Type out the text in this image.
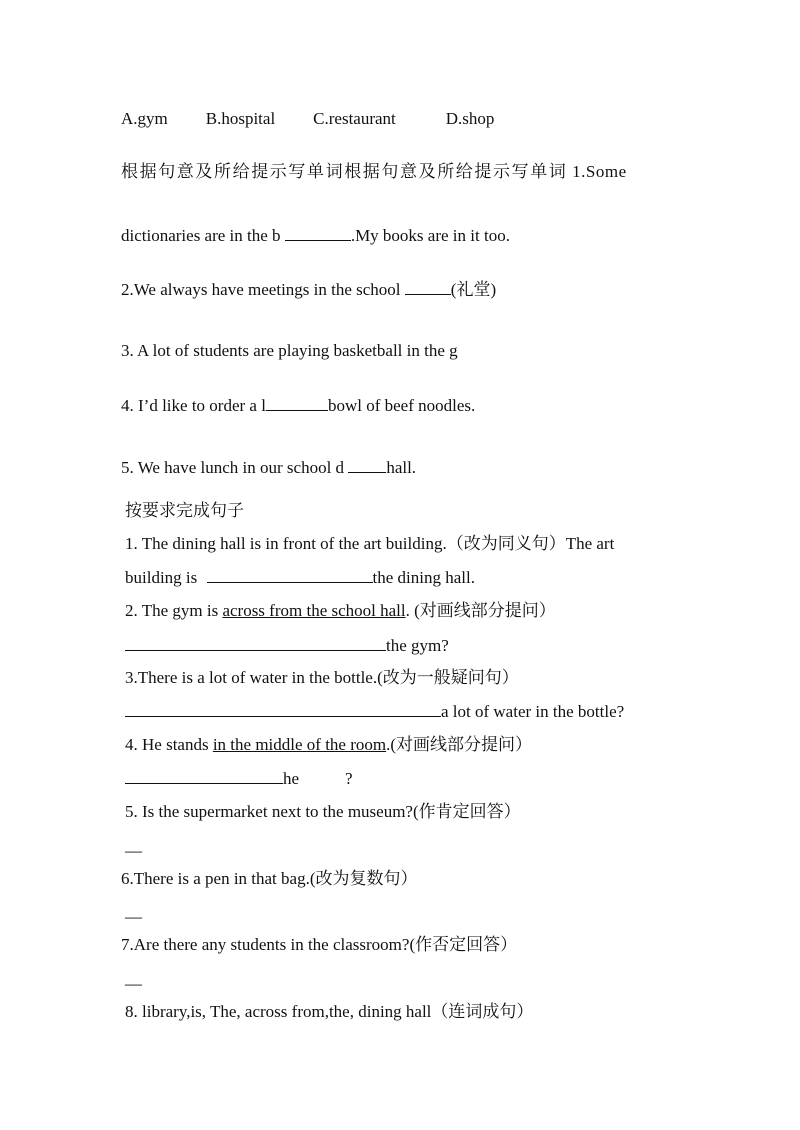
A.gym B.hospital C.restaurant	D.shop
根据句意及所给提示写单词根据句意及所给提示写单词 1.Some
dictionaries are in the b	.My books are in it too.
2.We always have meetings in the school	(礼堂)
3. A lot of students are playing basketball in the g
4. I’d like to order a l	bowl of beef noodles.
5. We have lunch in our school d hall.
按要求完成句子
1. The dining hall is in front of the art building.（改为同义句）The art
building is	the dining hall.
2. The gym is across from the school hall. (对画线部分提问）
the gym?
3.There is a lot of water in the bottle.(改为一般疑问句）
a lot of water in the bottle?
4. He stands in the middle of the room.(对画线部分提问）
he	?
5. Is the supermarket next to the museum?(作肯定回答）
—
6.There is a pen in that bag.(改为复数句）
—
7.Are there any students in the classroom?(作否定回答）
—
8. library,is, The, across from,the, dining hall（连词成句）
